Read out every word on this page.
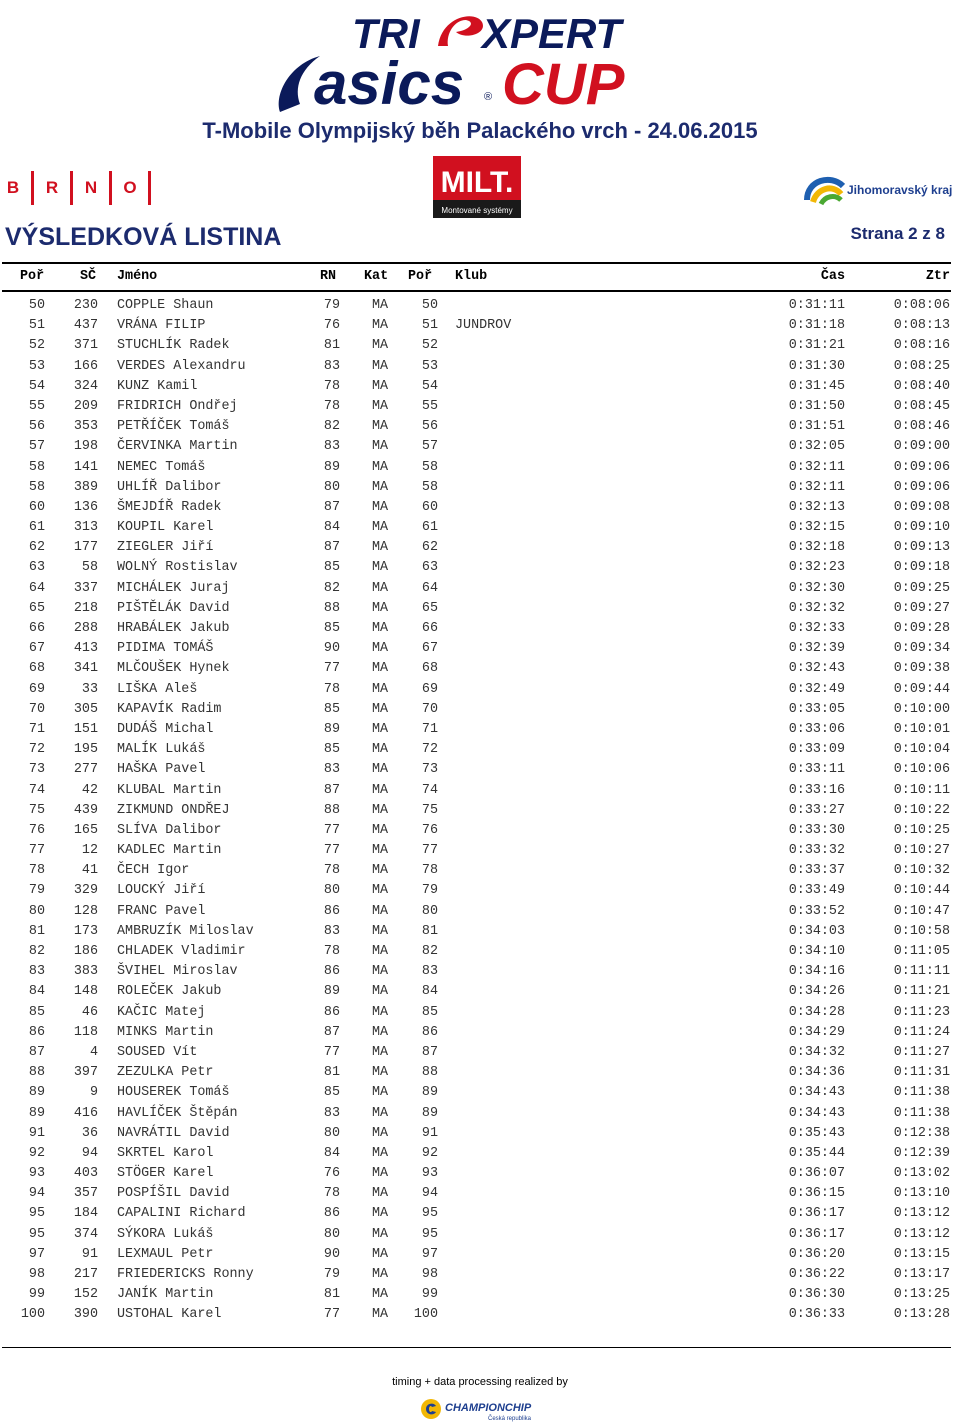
TRI XPERT
asics ® CUP
T-Mobile Olympijský běh Palackého vrch - 24.06.2015
B R N O	MILT.
Montované systémy
Jihomoravský kraj
VÝSLEDKOVÁ LISTINA	Strana 2 z 8
Poř	SČ	Jméno	RN	Kat	Poř	Klub	Čas	Ztr
50	230 COPPLE Shaun	79	MA	50	0:31:11	0:08:06
51	437 VRÁNA FILIP	76	MA	51 JUNDROV	0:31:18	0:08:13
52	371 STUCHLÍK Radek	81	MA	52	0:31:21	0:08:16
53	166 VERDES Alexandru	83	MA	53	0:31:30	0:08:25
54	324 KUNZ Kamil	78	MA	54	0:31:45	0:08:40
55	209 FRIDRICH Ondřej	78	MA	55	0:31:50	0:08:45
56	353 PETŘÍČEK Tomáš	82	MA	56	0:31:51	0:08:46
57	198 ČERVINKA Martin	83	MA	57	0:32:05	0:09:00
58	141 NEMEC Tomáš	89	MA	58	0:32:11	0:09:06
58	389 UHLÍŘ Dalibor	80	MA	58	0:32:11	0:09:06
60	136 ŠMEJDÍŘ Radek	87	MA	60	0:32:13	0:09:08
61	313 KOUPIL Karel	84	MA	61	0:32:15	0:09:10
62	177 ZIEGLER Jiří	87	MA	62	0:32:18	0:09:13
63	58 WOLNÝ Rostislav	85	MA	63	0:32:23	0:09:18
64	337 MICHÁLEK Juraj	82	MA	64	0:32:30	0:09:25
65	218 PIŠTĚLÁK David	88	MA	65	0:32:32	0:09:27
66	288 HRABÁLEK Jakub	85	MA	66	0:32:33	0:09:28
67	413 PIDIMA TOMÁŠ	90	MA	67	0:32:39	0:09:34
68	341 MLČOUŠEK Hynek	77	MA	68	0:32:43	0:09:38
69	33 LIŠKA Aleš	78	MA	69	0:32:49	0:09:44
70	305 KAPAVÍK Radim	85	MA	70	0:33:05	0:10:00
71	151 DUDÁŠ Michal	89	MA	71	0:33:06	0:10:01
72	195 MALÍK Lukáš	85	MA	72	0:33:09	0:10:04
73	277 HAŠKA Pavel	83	MA	73	0:33:11	0:10:06
74	42 KLUBAL Martin	87	MA	74	0:33:16	0:10:11
75	439 ZIKMUND ONDŘEJ	88	MA	75	0:33:27	0:10:22
76	165 SLÍVA Dalibor	77	MA	76	0:33:30	0:10:25
77	12 KADLEC Martin	77	MA	77	0:33:32	0:10:27
78	41 ČECH Igor	78	MA	78	0:33:37	0:10:32
79	329 LOUCKÝ Jiří	80	MA	79	0:33:49	0:10:44
80	128 FRANC Pavel	86	MA	80	0:33:52	0:10:47
81	173 AMBRUZÍK Miloslav	83	MA	81	0:34:03	0:10:58
82	186 CHLADEK Vladimir	78	MA	82	0:34:10	0:11:05
83	383 ŠVIHEL Miroslav	86	MA	83	0:34:16	0:11:11
84	148 ROLEČEK Jakub	89	MA	84	0:34:26	0:11:21
85	46 KAČIC Matej	86	MA	85	0:34:28	0:11:23
86	118 MINKS Martin	87	MA	86	0:34:29	0:11:24
87	4 SOUSED Vít	77	MA	87	0:34:32	0:11:27
88	397 ZEZULKA Petr	81	MA	88	0:34:36	0:11:31
89	9 HOUSEREK Tomáš	85	MA	89	0:34:43	0:11:38
89	416 HAVLÍČEK Štěpán	83	MA	89	0:34:43	0:11:38
91	36 NAVRÁTIL David	80	MA	91	0:35:43	0:12:38
92	94 SKRTEL Karol	84	MA	92	0:35:44	0:12:39
93	403 STÖGER Karel	76	MA	93	0:36:07	0:13:02
94	357 POSPÍŠIL David	78	MA	94	0:36:15	0:13:10
95	184 CAPALINI Richard	86	MA	95	0:36:17	0:13:12
95	374 SÝKORA Lukáš	80	MA	95	0:36:17	0:13:12
97	91 LEXMAUL Petr	90	MA	97	0:36:20	0:13:15
98	217 FRIEDERICKS Ronny	79	MA	98	0:36:22	0:13:17
99	152 JANÍK Martin	81	MA	99	0:36:30	0:13:25
100	390 USTOHAL Karel	77	MA	100	0:36:33	0:13:28
timing + data processing realized by
CHAMPIONCHIP
Česká republika
